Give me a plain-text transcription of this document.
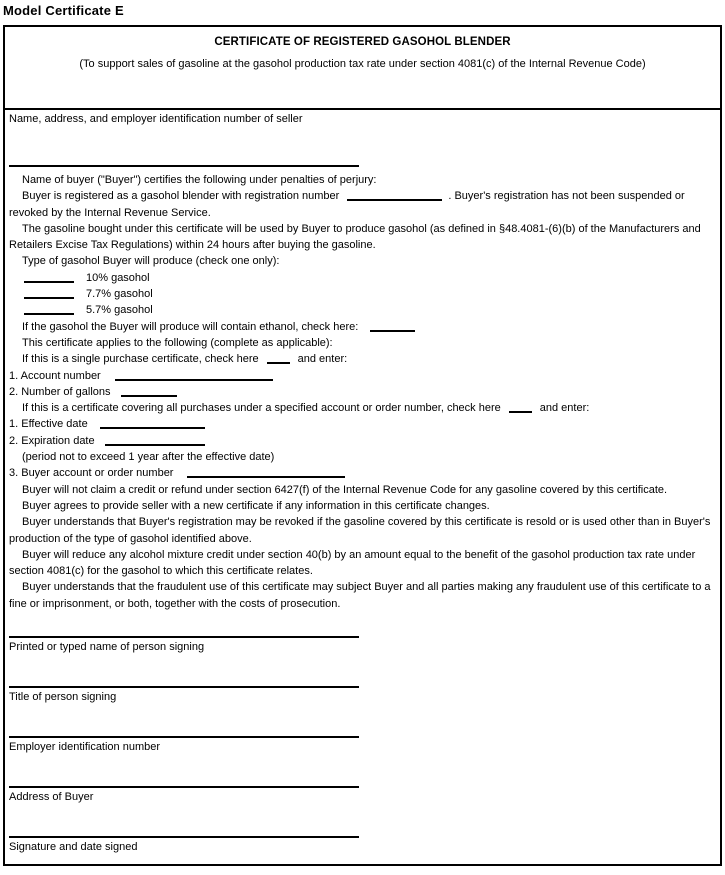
Model Certificate E
CERTIFICATE OF REGISTERED GASOHOL BLENDER
(To support sales of gasoline at the gasohol production tax rate under section 4081(c) of the Internal Revenue Code)
Name, address, and employer identification number of seller

Name of buyer ("Buyer") certifies the following under penalties of perjury:

Buyer is registered as a gasohol blender with registration number	. Buyer's registration has not been suspended or revoked by the Internal Revenue Service.

The gasoline bought under this certificate will be used by Buyer to produce gasohol (as defined in §48.4081-(6)(b) of the Manufacturers and Retailers Excise Tax Regulations) within 24 hours after buying the gasoline.

Type of gasohol Buyer will produce (check one only):

10% gasohol

7.7% gasohol

5.7% gasohol

If the gasohol the Buyer will produce will contain ethanol, check here:

This certificate applies to the following (complete as applicable):

If this is a single purchase certificate, check here	and enter:

1. Account number

2. Number of gallons

If this is a certificate covering all purchases under a specified account or order number, check here	and enter:

1. Effective date

2. Expiration date

(period not to exceed 1 year after the effective date)

3. Buyer account or order number

Buyer will not claim a credit or refund under section 6427(f) of the Internal Revenue Code for any gasoline covered by this certificate.

Buyer agrees to provide seller with a new certificate if any information in this certificate changes.

Buyer understands that Buyer's registration may be revoked if the gasoline covered by this certificate is resold or is used other than in Buyer's production of the type of gasohol identified above.

Buyer will reduce any alcohol mixture credit under section 40(b) by an amount equal to the benefit of the gasohol production tax rate under section 4081(c) for the gasohol to which this certificate relates.

Buyer understands that the fraudulent use of this certificate may subject Buyer and all parties making any fraudulent use of this certificate to a fine or imprisonment, or both, together with the costs of prosecution.

Printed or typed name of person signing
Title of person signing
Employer identification number
Address of Buyer
Signature and date signed
